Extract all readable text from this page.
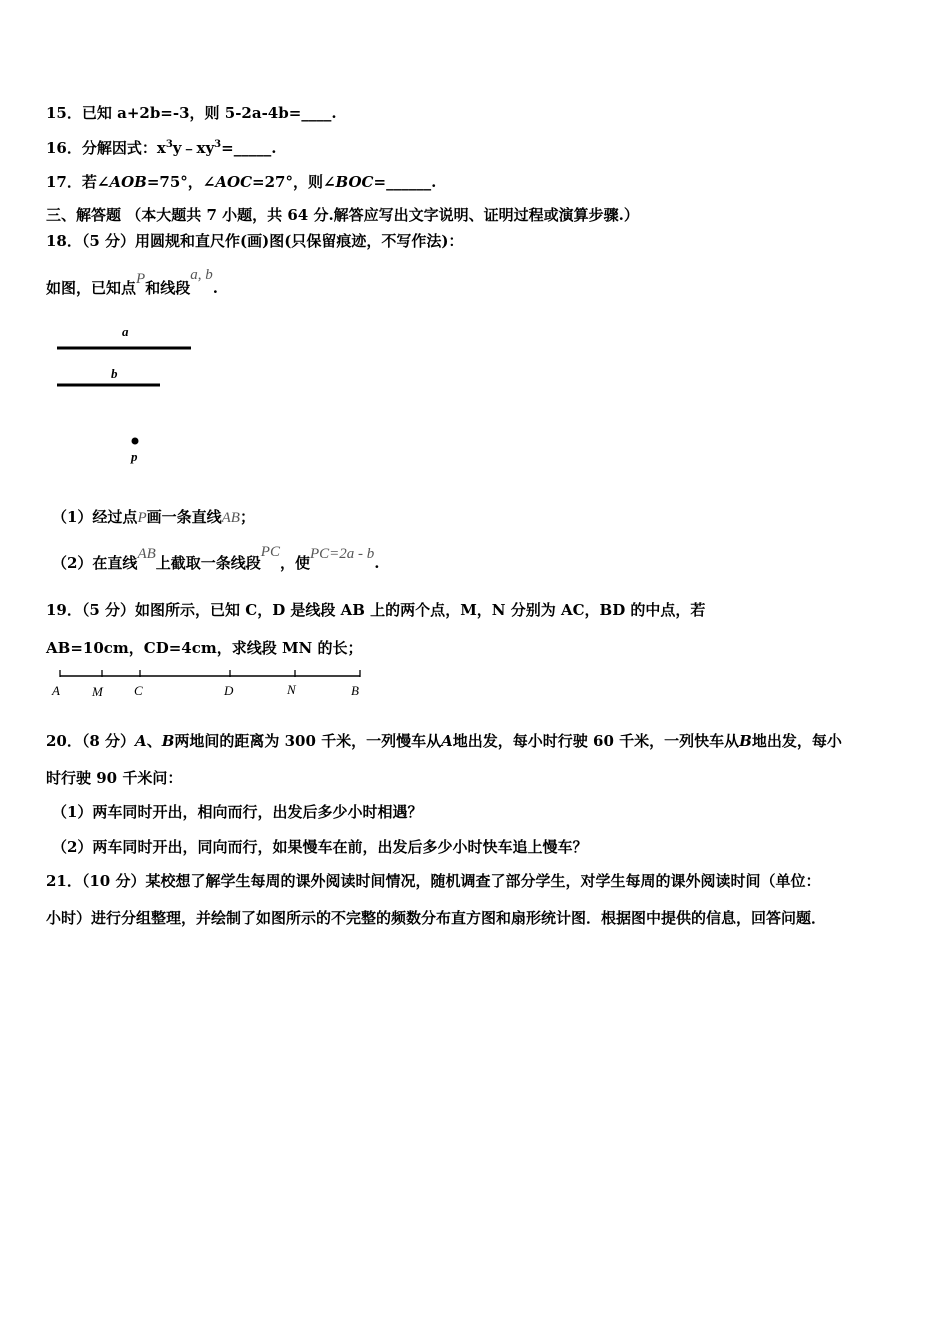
15．已知 a+2b=-3，则 5-2a-4b=____.
16．分解因式：$x^3y﹣xy^3=\_\_\_\_\_$.
17．若∠AOB=75°，∠AOC=27°，则∠BOC=______.
三、解答题 （本大题共 7 小题，共 64 分.解答应写出文字说明、证明过程或演算步骤.）
18．（5 分）用圆规和直尺作(画)图(只保留痕迹，不写作法)：
如图，已知点P和线段a, b.
a
b
p
（1）经过点P画一条直线AB；
（2）在直线AB上截取一条线段PC，使PC=2a - b.
19．（5 分）如图所示，已知 C，D 是线段 AB 上的两个点，M，N 分别为 AC，BD 的中点，若
AB=10cm，CD=4cm，求线段 MN 的长；
A M C	D	N	B
20．（8 分）A、B两地间的距离为 300 千米，一列慢车从A地出发，每小时行驶 60 千米，一列快车从B地出发，每小
时行驶 90 千米问：
（1）两车同时开出，相向而行，出发后多少小时相遇？
（2）两车同时开出，同向而行，如果慢车在前，出发后多少小时快车追上慢车？
21．（10 分）某校想了解学生每周的课外阅读时间情况，随机调查了部分学生，对学生每周的课外阅读时间（单位：
小时）进行分组整理，并绘制了如图所示的不完整的频数分布直方图和扇形统计图．根据图中提供的信息，回答问题．
